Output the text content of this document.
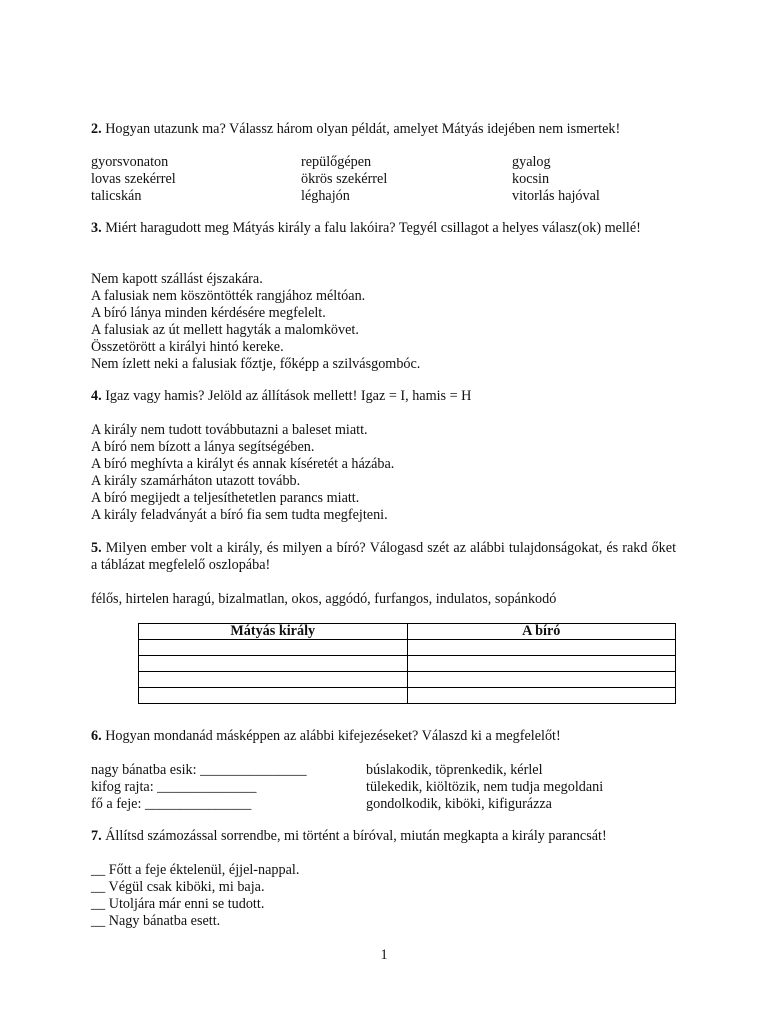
2. Hogyan utazunk ma? Válassz három olyan példát, amelyet Mátyás idejében nem ismertek!
gyorsvonaton	repülőgépen	gyalog
lovas szekérrel	ökrös szekérrel	kocsin
talicskán	léghajón	vitorlás hajóval
3. Miért haragudott meg Mátyás király a falu lakóira? Tegyél csillagot a helyes válasz(ok) mellé!
Nem kapott szállást éjszakára.
A falusiak nem köszöntötték rangjához méltóan.
A bíró lánya minden kérdésére megfelelt.
A falusiak az út mellett hagyták a malomkövet.
Összetörött a királyi hintó kereke.
Nem ízlett neki a falusiak főztje, főképp a szilvásgombóc.
4. Igaz vagy hamis? Jelöld az állítások mellett! Igaz = I, hamis = H
A király nem tudott továbbutazni a baleset miatt.
A bíró nem bízott a lánya segítségében.
A bíró meghívta a királyt és annak kíséretét a házába.
A király szamárháton utazott tovább.
A bíró megijedt a teljesíthetetlen parancs miatt.
A király feladványát a bíró fia sem tudta megfejteni.
5. Milyen ember volt a király, és milyen a bíró? Válogasd szét az alábbi tulajdonságokat, és rakd őket a táblázat megfelelő oszlopába!
félős, hirtelen haragú, bizalmatlan, okos, aggódó, furfangos, indulatos, sopánkodó
Mátyás király	A bíró

6. Hogyan mondanád másképpen az alábbi kifejezéseket? Válaszd ki a megfelelőt!
nagy bánatba esik: _______________	búslakodik, töprenkedik, kérlel
kifog rajta: ______________	tülekedik, kiöltözik, nem tudja megoldani
fő a feje: _______________	gondolkodik, kiböki, kifigurázza
7. Állítsd számozással sorrendbe, mi történt a bíróval, miután megkapta a király parancsát!
__ Főtt a feje éktelenül, éjjel-nappal.
__ Végül csak kiböki, mi baja.
__ Utoljára már enni se tudott.
__ Nagy bánatba esett.
1
